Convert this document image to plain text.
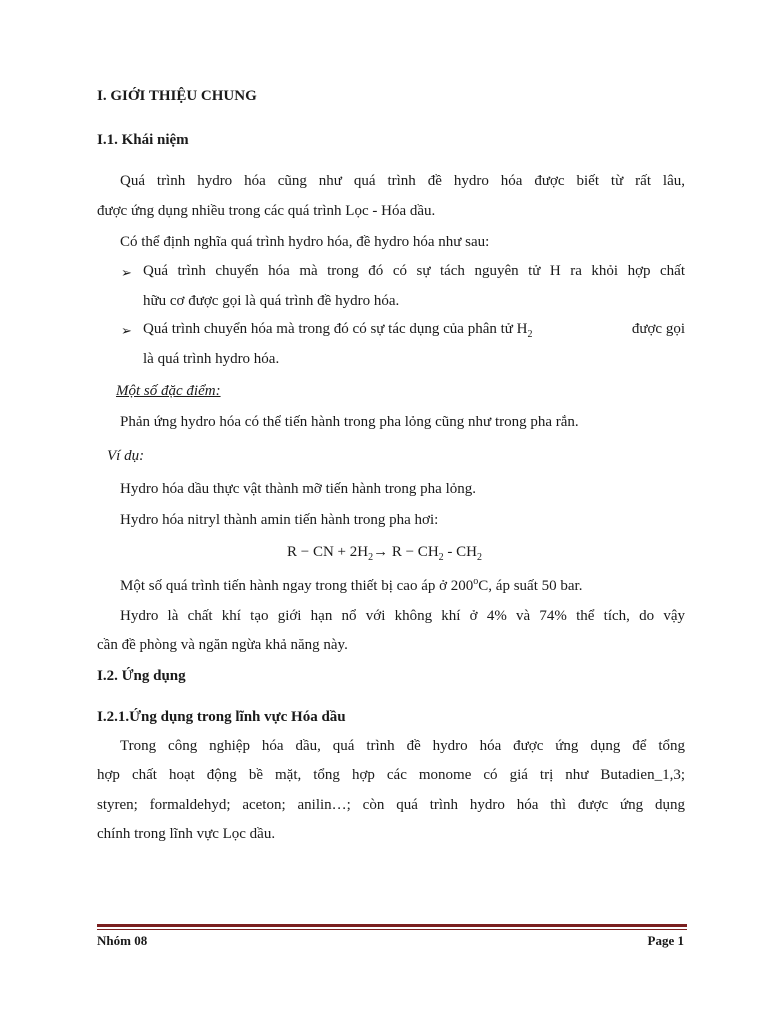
I. GIỚI THIỆU CHUNG
I.1. Khái niệm
Quá trình hydro hóa cũng như quá trình đề hydro hóa được biết từ rất lâu,
được ứng dụng nhiều trong các quá trình Lọc - Hóa dầu.
Có thể định nghĩa quá trình hydro hóa, đề hydro hóa như sau:
➢ Quá trình chuyển hóa mà trong đó có sự tách nguyên tử H ra khỏi hợp chất
hữu cơ được gọi là quá trình đề hydro hóa.
➢ Quá trình chuyển hóa mà trong đó có sự tác dụng của phân tử $H_2$	được gọi
là quá trình hydro hóa.
Một số đặc điểm:
Phản ứng hydro hóa có thể tiến hành trong pha lỏng cũng như trong pha rắn.
Ví dụ:
Hydro hóa dầu thực vật thành mỡ tiến hành trong pha lỏng.
Hydro hóa nitryl thành amin tiến hành trong pha hơi:
R − CN + $2H_2\to R - CH_2 - CH_2$
Một số quá trình tiến hành ngay trong thiết bị cao áp ở 200$^o$C, áp suất 50 bar.
Hydro là chất khí tạo giới hạn nổ với không khí ở 4% và 74% thể tích, do vậy
cần đề phòng và ngăn ngừa khả năng này.
I.2. Ứng dụng
I.2.1.Ứng dụng trong lĩnh vực Hóa dầu
Trong công nghiệp hóa dầu, quá trình đề hydro hóa được ứng dụng để tổng
hợp chất hoạt động bề mặt, tổng hợp các monome có giá trị như Butadien_1,3;
styren; formaldehyd; aceton; anilin…; còn quá trình hydro hóa thì được ứng dụng
chính trong lĩnh vực Lọc dầu.
Nhóm 08	Page 1
